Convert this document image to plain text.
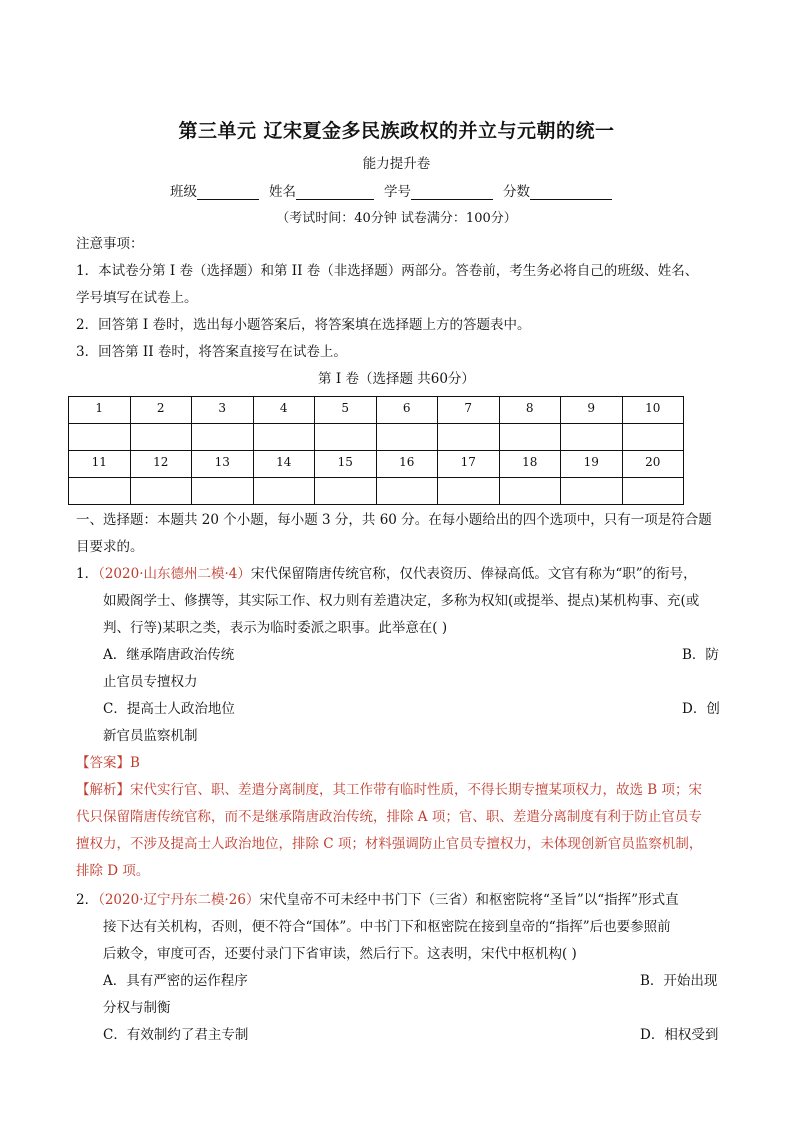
第三单元 辽宋夏金多民族政权的并立与元朝的统一
能力提升卷
班级	姓名	学号	分数
（考试时间：40分钟 试卷满分：100分）
注意事项：
1．本试卷分第 I 卷（选择题）和第 II 卷（非选择题）两部分。答卷前，考生务必将自己的班级、姓名、
学号填写在试卷上。
2．回答第 I 卷时，选出每小题答案后，将答案填在选择题上方的答题表中。
3．回答第 II 卷时，将答案直接写在试卷上。
第 I 卷（选择题 共60分）
1	2	3	4	5	6	7	8	9	10

11	12	13	14	15	16	17	18	19	20

一、选择题：本题共 20 个小题，每小题 3 分，共 60 分。在每小题给出的四个选项中，只有一项是符合题
目要求的。
1．（2020·山东德州二模·4）宋代保留隋唐传统官称，仅代表资历、俸禄高低。文官有称为“职”的衔号，
如殿阁学士、修撰等，其实际工作、权力则有差遣决定，多称为权知(或提举、提点)某机构事、充(或
判、行等)某职之类，表示为临时委派之职事。此举意在( )
A．继承隋唐政治传统	B．防
止官员专擅权力
C．提高士人政治地位	D．创
新官员监察机制
【答案】B
【解析】宋代实行官、职、差遣分离制度，其工作带有临时性质，不得长期专擅某项权力，故选 B 项；宋
代只保留隋唐传统官称，而不是继承隋唐政治传统，排除 A 项；官、职、差遣分离制度有利于防止官员专
擅权力，不涉及提高士人政治地位，排除 C 项；材料强调防止官员专擅权力，未体现创新官员监察机制，
排除 D 项。
2．（2020·辽宁丹东二模·26）宋代皇帝不可未经中书门下（三省）和枢密院将“圣旨”以“指挥”形式直
接下达有关机构，否则，便不符合“国体”。中书门下和枢密院在接到皇帝的“指挥”后也要参照前
后敕令，审度可否，还要付录门下省审读，然后行下。这表明，宋代中枢机构( )
A．具有严密的运作程序	B．开始出现
分权与制衡
C．有效制约了君主专制	D．相权受到
